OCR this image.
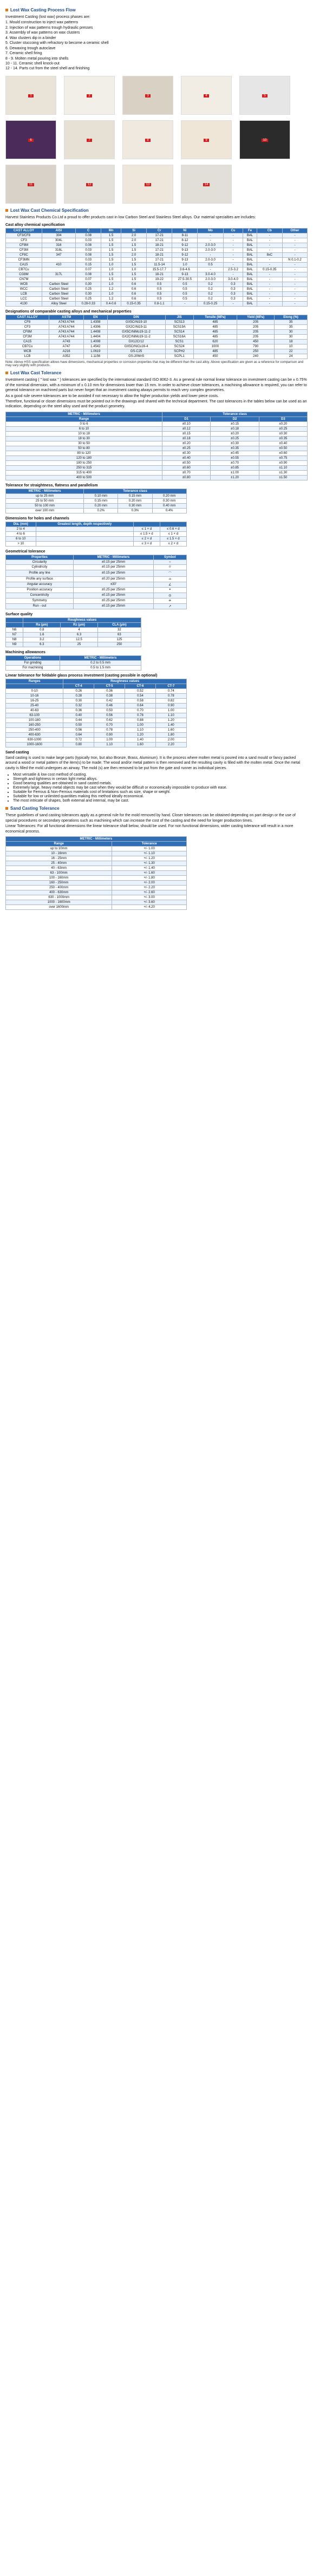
Lost Wax Casting Process Flow
Investment Casting (lost wax) process phases are:
1. Mould construction to inject wax patterns
2. Injection of wax patterns trough hydraulic presses
3. Assembly of wax patterns on wax clusters
4. Wax clusters dip in a binder
5. Cluster stuccoing with refractory to become a ceramic shell
6. Dewaxing trough autoclave
7. Ceramic shell firing
8 - 9. Molten metal pouring into shells
10 - 11. Ceramic shell knock-out
12 - 14. Parts cut from the steel shell and finishing
1	2	3	4	5
6	7	8	9	10
11	12	13	14
Lost Wax Cast Chemical Specification
Harvest Stainless Products Co.Ltd a proud to offer products cast in low Carbon Steel and Stainless Steel alloys. Our material specialties are includes:
Cast alloy chemical specification
CAST ALLOY	AISI	C	Mn	Si	Cr	Ni	Mo	Cu	Fe	Cb	Other
CF3/CF8	304	0.08	1.5	2.0	17-21	8-11	-	-	BAL	-	-
CF3	304L	0.03	1.5	2.0	17-21	8-12	-	-	BAL	-	-
CF8M	316	0.08	1.5	1.5	18-21	9-12	2.0-3.0	-	BAL	-	-
CF3M	316L	0.03	1.5	1.5	17-21	9-13	2.0-3.0	-	BAL	-	-
CF8C	347	0.08	1.5	2.0	18-21	9-12	-	-	BAL	8xC	-
CF3MN		0.03	1.5	1.5	17-21	9-13	2.0-3.0	-	BAL	-	N 0.1-0.2
CA15	410	0.15	1.0	1.5	11.5-14	1.0	0.5	-	BAL	-	-
CB7Cu		0.07	1.0	1.0	15.5-17.7	3.6-4.6	-	2.5-3.2	BAL	0.15-0.35	-
CG8M	317L	0.08	1.5	1.5	18-21	9-13	3.0-4.0	-	BAL	-	-
CN7M		0.07	1.5	1.5	19-22	27.5-30.5	2.0-3.0	3.0-4.0	BAL	-	-
WCB	Carbon Steel	0.30	1.0	0.6	0.5	0.5	0.2	0.3	BAL	-	-
WCC	Carbon Steel	0.25	1.2	0.6	0.5	0.5	0.2	0.3	BAL	-	-
LCB	Carbon Steel	0.30	1.0	0.6	0.5	0.5	0.2	0.3	BAL	-	-
LCC	Carbon Steel	0.25	1.2	0.6	0.5	0.5	0.2	0.3	BAL	-	-
4130	Alloy Steel	0.28-0.33	0.4-0.6	0.15-0.35	0.8-1.1	-	0.15-0.25	-	BAL	-	-
Designations of comparable casting alloys and mechanical properties
CAST ALLOY	ASTM	EN	DIN	JIS	Tensile (MPa)	Yield (MPa)	Elong (%)
CF8	A743 A744	1.4308	GX5CrNi19-10	SCS13	485	205	35
CF3	A743 A744	1.4306	GX2CrNi19-11	SCS19A	485	205	35
CF8M	A743 A744	1.4408	GX5CrNiMo19-11-2	SCS14	485	205	30
CF3M	A743 A744	1.4404	GX2CrNiMo19-11-2	SCS16A	485	205	30
CA15	A743	1.4008	GX12Cr12	SCS1	620	450	18
CB7Cu	A747	1.4542	GX5CrNiCu16-4	SCS24	1000	790	10
WCB	A216	1.0619	GS-C25	SCPH2	485	250	22
LCB	A352	1.1156	GS-20Mn5	SCPL1	450	240	24
Note: Above HSS specification allows have dimensions, mechanical properties or corrosion properties that may be different than the cast alloy. Above specification are given as a reference for comparison and may vary slightly with products.
Lost Wax Cast Tolerance
Investment casting ( " lost wax " ) tolerances are specified by the international standard ISO 8062-3. As a general rule normal linear tolerance on investment casting can be ± 0.75% of the nominal dimension, with a minimum of ± 0.10 mm for dimensions lower than 15 mm. In order to achieve closer tolerances, a machining allowance is required, you can refer to general tolerance on machined parts but never forget that an investment casting always permits to reach very complex geometries.
As a good rule severe tolerances are to be avoided if not necessary to allow the higher production yields and lower piece costs.
Therefore, functional or closer dimensions must be pointed out in the drawings and shared with the technical department. The cast tolerances in the tables below can be used as an indication, depending on the steel alloy used and the product geometry.
METRIC - Millimeters	Tolerance class		
Range	D1	D2	D3
0 to 6	±0.10	±0.15	±0.20
6 to 10	±0.12	±0.18	±0.25
10 to 18	±0.15	±0.20	±0.30
18 to 30	±0.18	±0.25	±0.35
30 to 50	±0.20	±0.30	±0.40
50 to 80	±0.25	±0.35	±0.50
80 to 120	±0.30	±0.45	±0.60
120 to 180	±0.40	±0.55	±0.75
180 to 250	±0.50	±0.70	±0.90
250 to 315	±0.60	±0.85	±1.10
315 to 400	±0.70	±1.00	±1.30
400 to 500	±0.80	±1.20	±1.50
Tolerance for straightness, flatness and parallelism
METRIC - Millimeters	Tolerance class		
up to 25 mm	0.10 mm	0.15 mm	0.20 mm
25 to 50 mm	0.15 mm	0.20 mm	0.30 mm
50 to 100 mm	0.20 mm	0.30 mm	0.40 mm
over 100 mm	0.2%	0.3%	0.4%
Dimensions for holes and channels
Dia. (mm)	Greatest length, depth respectively		
2 to 4		≤ 1 × d	≤ 0.6 × d
4 to 6		≤ 1.5 × d	≤ 1 × d
6 to 10		≤ 2 × d	≤ 1.5 × d
> 10		≤ 3 × d	≤ 2 × d
Geometrical tolerance
Properties	METRIC - Millimeters	Symbol
Circularity	±0.15 per 25mm	○
Cylindricity	±0.15 per 25mm	⌭
Profile any line	±0.15 per 25mm	⌒
Profile any surface	±0.20 per 25mm	⌓
Angular accuracy	±30'	∠
Position accuracy	±0.25 per 25mm	⌖
Concentricity	±0.15 per 25mm	◎
Symmetry	±0.25 per 25mm	⌯
Run - out	±0.15 per 25mm	↗
Surface quality
	Roughness values		
	Ra (µm)	Rz (µm)	CLA (µin)
N6	0.8	4	32
N7	1.6	6.3	63
N8	3.2	12.5	125
N9	6.3	25	250
Machining allowances
Operations	METRIC - Millimeters
For grinding	0.2 to 0.5 mm
For machining	0.5 to 1.5 mm
Linear tolerance for foldable glass process investment (casting possible in optional)
Ranges	Roughness values			
	CT-4	CT-5	CT-6	CT-7
0-10	0.26	0.36	0.52	0.74
10-16	0.28	0.38	0.54	0.78
16-25	0.30	0.42	0.58	0.82
25-40	0.32	0.46	0.64	0.90
40-63	0.36	0.50	0.70	1.00
63-100	0.40	0.56	0.78	1.10
100-160	0.44	0.62	0.88	1.20
160-250	0.50	0.70	1.00	1.40
250-400	0.56	0.78	1.10	1.60
400-630	0.64	0.90	1.20	1.80
630-1000	0.72	1.00	1.40	2.00
1000-1600	0.80	1.10	1.60	2.20
Sand casting
Sand casting is used to make large parts (typically Iron, but also Bronze, Brass, Aluminum). It is the process where molten metal is poured into a sand mould or fancy packed around a wood or metal pattern of the item(s) to be made. The wood and/or metal pattern is then removed and the resulting cavity is filled with the molten metal. Once the metal cavity is filled the mold undergoes an airway. The mold (s) are then removed to be put from the gate and runner as individual pieces.
• Most versatile & low cost method of casting.
• Strength and tightness in certain light metal alloys.
• Good bearing qualities are obtained in sand casted metals.
• Extremely large, heavy metal objects may be cast when they would be difficult or economically impossible to produce with ease.
• Suitable for Ferrous & Non-Ferrous materials cost of limitations such as size, shape or weight.
• Suitable for low or unlimited quantities making this method ideally economical.
• The most intricate of shapes, both external and internal, may be cast.
Sand Casting Tolerance
These guidelines of sand casting tolerances apply as a general rule for the mold removed by hand. Closer tolerances can be obtained depending on part design or the use of special procedures or secondary operations such as machining which can increase the cost of the casting and the need for longer production times.
Linear Tolerances: For all functional dimensions the linear tolerance shall below, should be used. For non functional dimensions, wider casting tolerance will result in a more economical process.
METRIC - Millimeters	
Range	Tolerance
up to 10mm	+/- 1.00
10 - 16mm	+/- 1.10
16 - 25mm	+/- 1.20
25 - 40mm	+/- 1.30
40 - 63mm	+/- 1.40
63 - 100mm	+/- 1.60
100 - 160mm	+/- 1.80
160 - 250mm	+/- 2.00
250 - 400mm	+/- 2.20
400 - 630mm	+/- 2.60
630 - 1000mm	+/- 3.00
1000 - 1600mm	+/- 3.60
over 1600mm	+/- 4.20
